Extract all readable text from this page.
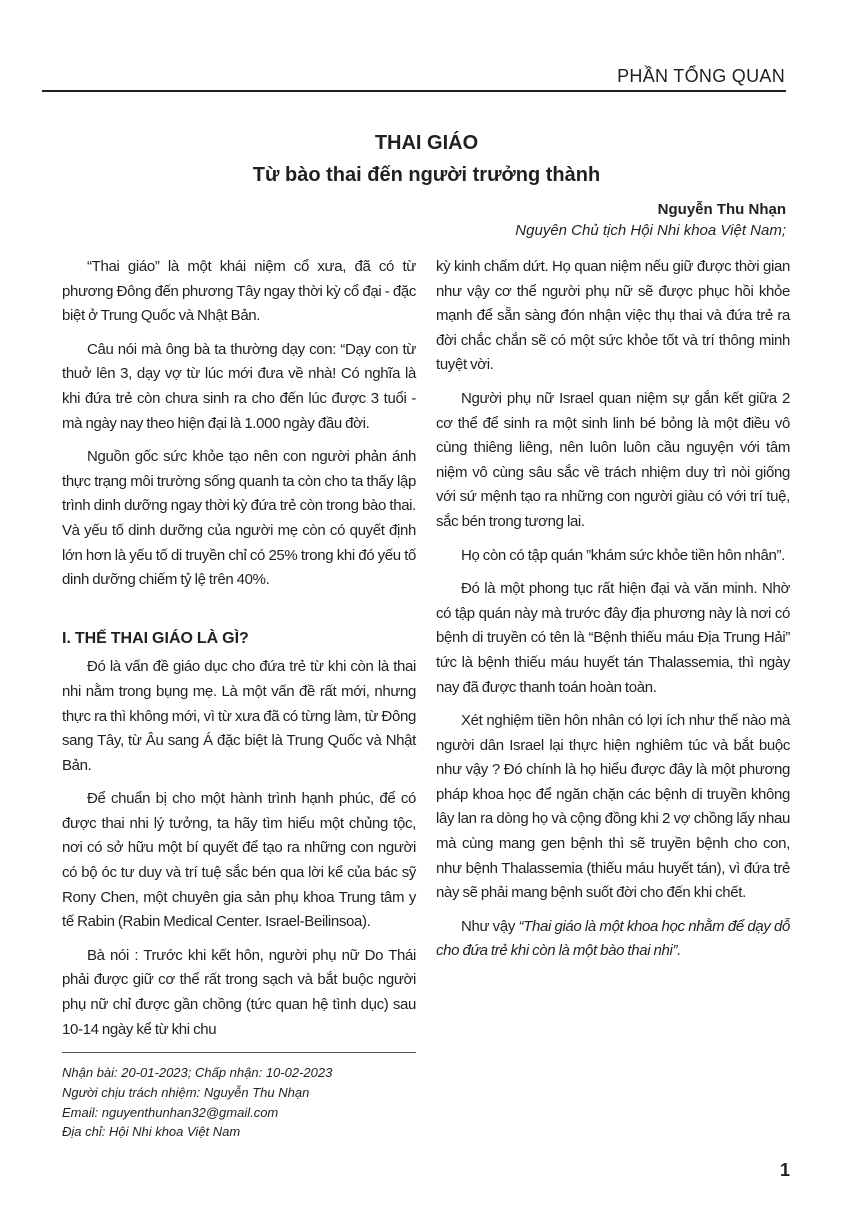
PHẦN TỔNG QUAN
THAI GIÁO
Từ bào thai đến người trưởng thành
Nguyễn Thu Nhạn
Nguyên Chủ tịch Hội Nhi khoa Việt Nam;

“Thai giáo” là một khái niệm cổ xưa, đã có từ phương Đông đến phương Tây ngay thời kỳ cổ đại - đặc biệt ở Trung Quốc và Nhật Bản.

Câu nói mà ông bà ta thường dạy con: “Dạy con từ thuở lên 3, dạy vợ từ lúc mới đưa về nhà! Có nghĩa là khi đứa trẻ còn chưa sinh ra cho đến lúc được 3 tuổi - mà ngày nay theo hiện đại là 1.000 ngày đầu đời.

Nguồn gốc sức khỏe tạo nên con người phản ánh thực trạng môi trường sống quanh ta còn cho ta thấy lập trình dinh dưỡng ngay thời kỳ đứa trẻ còn trong bào thai. Và yếu tố dinh dưỡng của người mẹ còn có quyết định lớn hơn là yếu tố di truyền chỉ có 25% trong khi đó yếu tố dinh dưỡng chiếm tỷ lệ trên 40%.

I. THẾ THAI GIÁO LÀ GÌ?

Đó là vấn đề giáo dục cho đứa trẻ từ khi còn là thai nhi nằm trong bụng mẹ. Là một vấn đề rất mới, nhưng thực ra thì không mới, vì từ xưa đã có từng làm, từ Đông sang Tây, từ Âu sang Á đặc biệt là Trung Quốc và Nhật Bản.

Để chuẩn bị cho một hành trình hạnh phúc, để có được thai nhi lý tưởng, ta hãy tìm hiểu một chủng tộc, nơi có sở hữu một bí quyết để tạo ra những con người có bộ óc tư duy và trí tuệ sắc bén qua lời kể của bác sỹ Rony Chen, một chuyên gia sản phụ khoa Trung tâm y tế Rabin (Rabin Medical Center. Israel-Beilinsoa).

Bà nói : Trước khi kết hôn, người phụ nữ Do Thái phải được giữ cơ thể rất trong sạch và bắt buộc người phụ nữ chỉ được gần chồng (tức quan hệ tình dục) sau 10-14 ngày kể từ khi chu

Nhận bài: 20-01-2023; Chấp nhận: 10-02-2023
Người chịu trách nhiệm: Nguyễn Thu Nhạn
Email: nguyenthunhan32@gmail.com
Địa chỉ: Hội Nhi khoa Việt Nam

kỳ kinh chấm dứt. Họ quan niệm nếu giữ được thời gian như vậy cơ thể người phụ nữ sẽ được phục hồi khỏe mạnh để sẵn sàng đón nhận việc thụ thai và đứa trẻ ra đời chắc chắn sẽ có một sức khỏe tốt và trí thông minh tuyệt vời.

Người phụ nữ Israel quan niệm sự gắn kết giữa 2 cơ thể để sinh ra một sinh linh bé bỏng là một điều vô cùng thiêng liêng, nên luôn luôn cầu nguyện với tâm niệm vô cùng sâu sắc về trách nhiệm duy trì nòi giống với sứ mệnh tạo ra những con người giàu có với trí tuệ, sắc bén trong tương lai.

Họ còn có tập quán ”khám sức khỏe tiền hôn nhân”.

Đó là một phong tục rất hiện đại và văn minh. Nhờ có tập quán này mà trước đây địa phương này là nơi có bệnh di truyền có tên là “Bệnh thiếu máu Địa Trung Hải” tức là bệnh thiếu máu huyết tán Thalassemia, thì ngày nay đã được thanh toán hoàn toàn.

Xét nghiệm tiền hôn nhân có lợi ích như thế nào mà người dân Israel lại thực hiện nghiêm túc và bắt buộc như vậy ? Đó chính là họ hiểu được đây là một phương pháp khoa học để ngăn chặn các bệnh di truyền không lây lan ra dòng họ và cộng đồng khi 2 vợ chồng lấy nhau mà cùng mang gen bệnh thì sẽ truyền bệnh cho con, như bệnh Thalassemia (thiếu máu huyết tán), vì đứa trẻ này sẽ phải mang bệnh suốt đời cho đến khi chết.

Như vậy “Thai giáo là một khoa học nhằm để dạy dỗ cho đứa trẻ khi còn là một bào thai nhi”.

1
